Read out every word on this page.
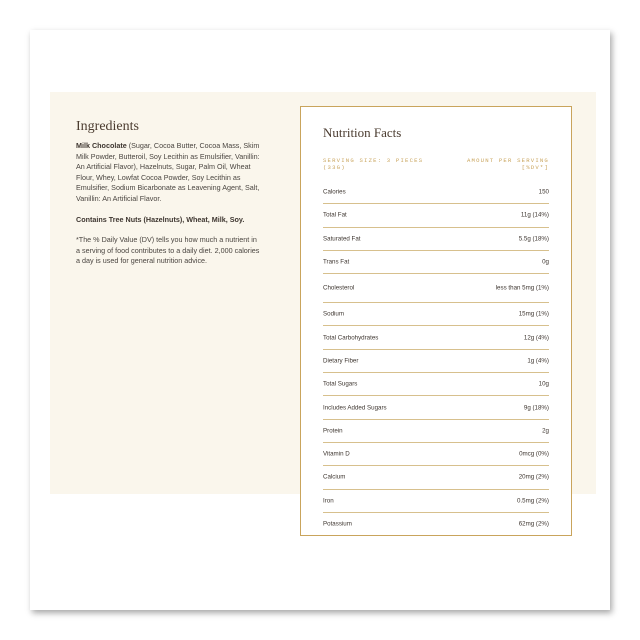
Ingredients

Milk Chocolate (Sugar, Cocoa Butter, Cocoa Mass, Skim Milk Powder, Butteroil, Soy Lecithin as Emulsifier, Vanillin: An Artificial Flavor), Hazelnuts, Sugar, Palm Oil, Wheat Flour, Whey, Lowfat Cocoa Powder, Soy Lecithin as Emulsifier, Sodium Bicarbonate as Leavening Agent, Salt, Vanillin: An Artificial Flavor.

Contains Tree Nuts (Hazelnuts), Wheat, Milk, Soy.

*The % Daily Value (DV) tells you how much a nutrient in a serving of food contributes to a daily diet. 2,000 calories a day is used for general nutrition advice.

Nutrition Facts
SERVING SIZE: 3 PIECES (33G)
AMOUNT PER SERVING [%DV*]
Calories	150
Total Fat	11g (14%)
Saturated Fat	5.5g (18%)
Trans Fat	0g
Cholesterol	less than 5mg (1%)
Sodium	15mg (1%)
Total Carbohydrates	12g (4%)
Dietary Fiber	1g (4%)
Total Sugars	10g
Includes Added Sugars	9g (18%)
Protein	2g
Vitamin D	0mcg (0%)
Calcium	20mg (2%)
Iron	0.5mg (2%)
Potassium	62mg (2%)
